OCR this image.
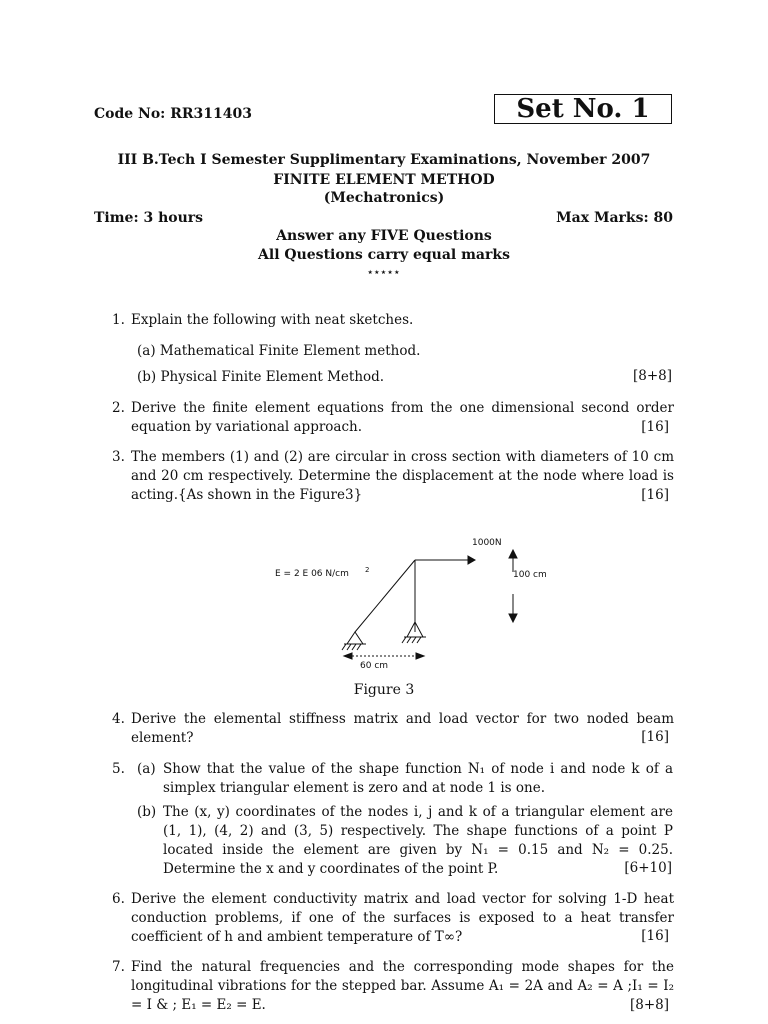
Code No: RR311403	Set No. 1
III B.Tech I Semester Supplimentary Examinations, November 2007
FINITE ELEMENT METHOD
(Mechatronics)
Time: 3 hours	Max Marks: 80
Answer any FIVE Questions
All Questions carry equal marks
⋆⋆⋆⋆⋆
1. Explain the following with neat sketches.
(a) Mathematical Finite Element method.
(b) Physical Finite Element Method.	[8+8]
2. Derive the finite element equations from the one dimensional second order equation by variational approach.	[16]
3. The members (1) and (2) are circular in cross section with diameters of 10 cm and 20 cm respectively. Determine the displacement at the node where load is acting.{As shown in the Figure3}	[16]
1000N
E = 2 E 06 N/cm 2	100 cm
60 cm
Figure 3
4. Derive the elemental stiffness matrix and load vector for two noded beam element?	[16]
5. (a) Show that the value of the shape function N₁ of node i and node k of a simplex triangular element is zero and at node 1 is one.
(b) The (x, y) coordinates of the nodes i, j and k of a triangular element are (1, 1), (4, 2) and (3, 5) respectively. The shape functions of a point P located inside the element are given by N₁ = 0.15 and N₂ = 0.25. Determine the x and y coordinates of the point P.	[6+10]
6. Derive the element conductivity matrix and load vector for solving 1-D heat conduction problems, if one of the surfaces is exposed to a heat transfer coefficient of h and ambient temperature of T∞?	[16]
7. Find the natural frequencies and the corresponding mode shapes for the longitudinal vibrations for the stepped bar. Assume A₁ = 2A and A₂ = A ;I₁ = I₂ = I & ; E₁ = E₂ = E.	[8+8]
